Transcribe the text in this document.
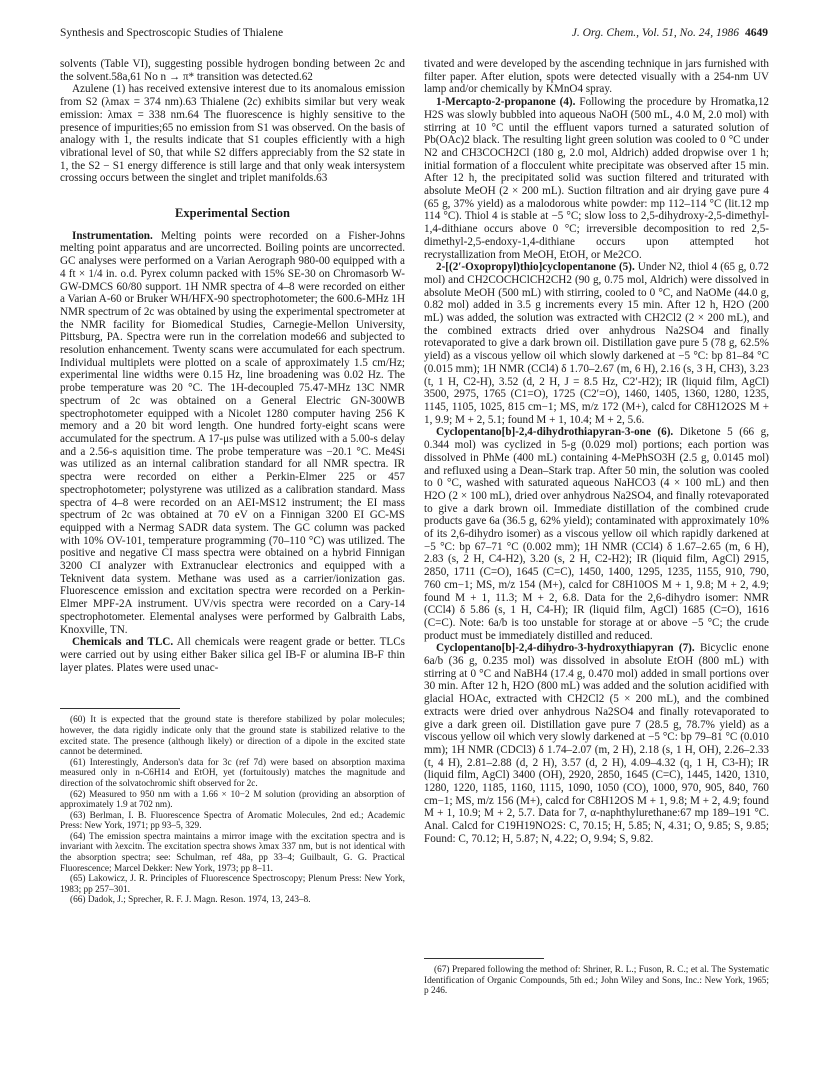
Synthesis and Spectroscopic Studies of Thialene	J. Org. Chem., Vol. 51, No. 24, 1986 4649

solvents (Table VI), suggesting possible hydrogen bonding between 2c and the solvent.58a,61 No n → π* transition was detected.62

Azulene (1) has received extensive interest due to its anomalous emission from S2 (λmax = 374 nm).63 Thialene (2c) exhibits similar but very weak emission: λmax = 338 nm.64 The fluorescence is highly sensitive to the presence of impurities;65 no emission from S1 was observed. On the basis of analogy with 1, the results indicate that S1 couples efficiently with a high vibrational level of S0, that while S2 differs appreciably from the S2 state in 1, the S2 − S1 energy difference is still large and that only weak intersystem crossing occurs between the singlet and triplet manifolds.63

Experimental Section

Instrumentation. Melting points were recorded on a Fisher-Johns melting point apparatus and are uncorrected. Boiling points are uncorrected. GC analyses were performed on a Varian Aerograph 980-00 equipped with a 4 ft × 1/4 in. o.d. Pyrex column packed with 15% SE-30 on Chromasorb W-GW-DMCS 60/80 support. 1H NMR spectra of 4–8 were recorded on either a Varian A-60 or Bruker WH/HFX-90 spectrophotometer; the 600.6-MHz 1H NMR spectrum of 2c was obtained by using the experimental spectrometer at the NMR facility for Biomedical Studies, Carnegie-Mellon University, Pittsburg, PA. Spectra were run in the correlation mode66 and subjected to resolution enhancement. Twenty scans were accumulated for each spectrum. Individual multiplets were plotted on a scale of approximately 1.5 cm/Hz; experimental line widths were 0.15 Hz, line broadening was 0.02 Hz. The probe temperature was 20 °C. The 1H-decoupled 75.47-MHz 13C NMR spectrum of 2c was obtained on a General Electric GN-300WB spectrophotometer equipped with a Nicolet 1280 computer having 256 K memory and a 20 bit word length. One hundred forty-eight scans were accumulated for the spectrum. A 17-μs pulse was utilized with a 5.00-s delay and a 2.56-s aquisition time. The probe temperature was −20.1 °C. Me4Si was utilized as an internal calibration standard for all NMR spectra. IR spectra were recorded on either a Perkin-Elmer 225 or 457 spectrophotometer; polystyrene was utilized as a calibration standard. Mass spectra of 4–8 were recorded on an AEI-MS12 instrument; the EI mass spectrum of 2c was obtained at 70 eV on a Finnigan 3200 EI GC-MS equipped with a Nermag SADR data system. The GC column was packed with 10% OV-101, temperature programming (70–110 °C) was utilized. The positive and negative CI mass spectra were obtained on a hybrid Finnigan 3200 CI analyzer with Extranuclear electronics and equipped with a Teknivent data system. Methane was used as a carrier/ionization gas. Fluorescence emission and excitation spectra were recorded on a Perkin-Elmer MPF-2A instrument. UV/vis spectra were recorded on a Cary-14 spectrophotometer. Elemental analyses were performed by Galbraith Labs, Knoxville, TN.

Chemicals and TLC. All chemicals were reagent grade or better. TLCs were carried out by using either Baker silica gel IB-F or alumina IB-F thin layer plates. Plates were used unac-

(60) It is expected that the ground state is therefore stabilized by polar molecules; however, the data rigidly indicate only that the ground state is stabilized relative to the excited state. The presence (although likely) or direction of a dipole in the excited state cannot be determined.

(61) Interestingly, Anderson's data for 3c (ref 7d) were based on absorption maxima measured only in n-C6H14 and EtOH, yet (fortuitously) matches the magnitude and direction of the solvatochromic shift observed for 2c.

(62) Measured to 950 nm with a 1.66 × 10−2 M solution (providing an absorption of approximately 1.9 at 702 nm).

(63) Berlman, I. B. Fluorescence Spectra of Aromatic Molecules, 2nd ed.; Academic Press: New York, 1971; pp 93–5, 329.

(64) The emission spectra maintains a mirror image with the excitation spectra and is invariant with λexcitn. The excitation spectra shows λmax 337 nm, but is not identical with the absorption spectra; see: Schulman, ref 48a, pp 33–4; Guilbault, G. G. Practical Fluorescence; Marcel Dekker: New York, 1973; pp 8–11.

(65) Lakowicz, J. R. Principles of Fluorescence Spectroscopy; Plenum Press: New York, 1983; pp 257–301.

(66) Dadok, J.; Sprecher, R. F. J. Magn. Reson. 1974, 13, 243–8.

tivated and were developed by the ascending technique in jars furnished with filter paper. After elution, spots were detected visually with a 254-nm UV lamp and/or chemically by KMnO4 spray.

1-Mercapto-2-propanone (4). Following the procedure by Hromatka,12 H2S was slowly bubbled into aqueous NaOH (500 mL, 4.0 M, 2.0 mol) with stirring at 10 °C until the effluent vapors turned a saturated solution of Pb(OAc)2 black. The resulting light green solution was cooled to 0 °C under N2 and CH3COCH2Cl (180 g, 2.0 mol, Aldrich) added dropwise over 1 h; initial formation of a flocculent white precipitate was observed after 15 min. After 12 h, the precipitated solid was suction filtered and triturated with absolute MeOH (2 × 200 mL). Suction filtration and air drying gave pure 4 (65 g, 37% yield) as a malodorous white powder: mp 112–114 °C (lit.12 mp 114 °C). Thiol 4 is stable at −5 °C; slow loss to 2,5-dihydroxy-2,5-dimethyl-1,4-dithiane occurs above 0 °C; irreversible decomposition to red 2,5-dimethyl-2,5-endoxy-1,4-dithiane occurs upon attempted hot recrystallization from MeOH, EtOH, or Me2CO.

2-[(2′-Oxopropyl)thio]cyclopentanone (5). Under N2, thiol 4 (65 g, 0.72 mol) and CH2COCHClCH2CH2 (90 g, 0.75 mol, Aldrich) were dissolved in absolute MeOH (500 mL) with stirring, cooled to 0 °C, and NaOMe (44.0 g, 0.82 mol) added in 3.5 g increments every 15 min. After 12 h, H2O (200 mL) was added, the solution was extracted with CH2Cl2 (2 × 200 mL), and the combined extracts dried over anhydrous Na2SO4 and finally rotevaporated to give a dark brown oil. Distillation gave pure 5 (78 g, 62.5% yield) as a viscous yellow oil which slowly darkened at −5 °C: bp 81–84 °C (0.015 mm); 1H NMR (CCl4) δ 1.70–2.67 (m, 6 H), 2.16 (s, 3 H, CH3), 3.23 (t, 1 H, C2-H), 3.52 (d, 2 H, J = 8.5 Hz, C2′-H2); IR (liquid film, AgCl) 3500, 2975, 1765 (C1=O), 1725 (C2′=O), 1460, 1405, 1360, 1280, 1235, 1145, 1105, 1025, 815 cm−1; MS, m/z 172 (M+), calcd for C8H12O2S M + 1, 9.9; M + 2, 5.1; found M + 1, 10.4; M + 2, 5.6.

Cyclopentano[b]-2,4-dihydrothiapyran-3-one (6). Diketone 5 (66 g, 0.344 mol) was cyclized in 5-g (0.029 mol) portions; each portion was dissolved in PhMe (400 mL) containing 4-MePhSO3H (2.5 g, 0.0145 mol) and refluxed using a Dean–Stark trap. After 50 min, the solution was cooled to 0 °C, washed with saturated aqueous NaHCO3 (4 × 100 mL) and then H2O (2 × 100 mL), dried over anhydrous Na2SO4, and finally rotevaporated to give a dark brown oil. Immediate distillation of the combined crude products gave 6a (36.5 g, 62% yield); contaminated with approximately 10% of its 2,6-dihydro isomer) as a viscous yellow oil which rapidly darkened at −5 °C: bp 67–71 °C (0.002 mm); 1H NMR (CCl4) δ 1.67–2.65 (m, 6 H), 2.83 (s, 2 H, C4-H2), 3.20 (s, 2 H, C2-H2); IR (liquid film, AgCl) 2915, 2850, 1711 (C=O), 1645 (C=C), 1450, 1400, 1295, 1235, 1155, 910, 790, 760 cm−1; MS, m/z 154 (M+), calcd for C8H10OS M + 1, 9.8; M + 2, 4.9; found M + 1, 11.3; M + 2, 6.8. Data for the 2,6-dihydro isomer: NMR (CCl4) δ 5.86 (s, 1 H, C4-H); IR (liquid film, AgCl) 1685 (C=O), 1616 (C=C). Note: 6a/b is too unstable for storage at or above −5 °C; the crude product must be immediately distilled and reduced.

Cyclopentano[b]-2,4-dihydro-3-hydroxythiapyran (7). Bicyclic enone 6a/b (36 g, 0.235 mol) was dissolved in absolute EtOH (800 mL) with stirring at 0 °C and NaBH4 (17.4 g, 0.470 mol) added in small portions over 30 min. After 12 h, H2O (800 mL) was added and the solution acidified with glacial HOAc, extracted with CH2Cl2 (5 × 200 mL), and the combined extracts were dried over anhydrous Na2SO4 and finally rotevaporated to give a dark green oil. Distillation gave pure 7 (28.5 g, 78.7% yield) as a viscous yellow oil which very slowly darkened at −5 °C: bp 79–81 °C (0.010 mm); 1H NMR (CDCl3) δ 1.74–2.07 (m, 2 H), 2.18 (s, 1 H, OH), 2.26–2.33 (t, 4 H), 2.81–2.88 (d, 2 H), 3.57 (d, 2 H), 4.09–4.32 (q, 1 H, C3-H); IR (liquid film, AgCl) 3400 (OH), 2920, 2850, 1645 (C=C), 1445, 1420, 1310, 1280, 1220, 1185, 1160, 1115, 1090, 1050 (CO), 1000, 970, 905, 840, 760 cm−1; MS, m/z 156 (M+), calcd for C8H12OS M + 1, 9.8; M + 2, 4.9; found M + 1, 10.9; M + 2, 5.7. Data for 7, α-naphthylurethane:67 mp 189–191 °C. Anal. Calcd for C19H19NO2S: C, 70.15; H, 5.85; N, 4.31; O, 9.85; S, 9.85; Found: C, 70.12; H, 5.87; N, 4.22; O, 9.94; S, 9.82.

(67) Prepared following the method of: Shriner, R. L.; Fuson, R. C.; et al. The Systematic Identification of Organic Compounds, 5th ed.; John Wiley and Sons, Inc.: New York, 1965; p 246.
